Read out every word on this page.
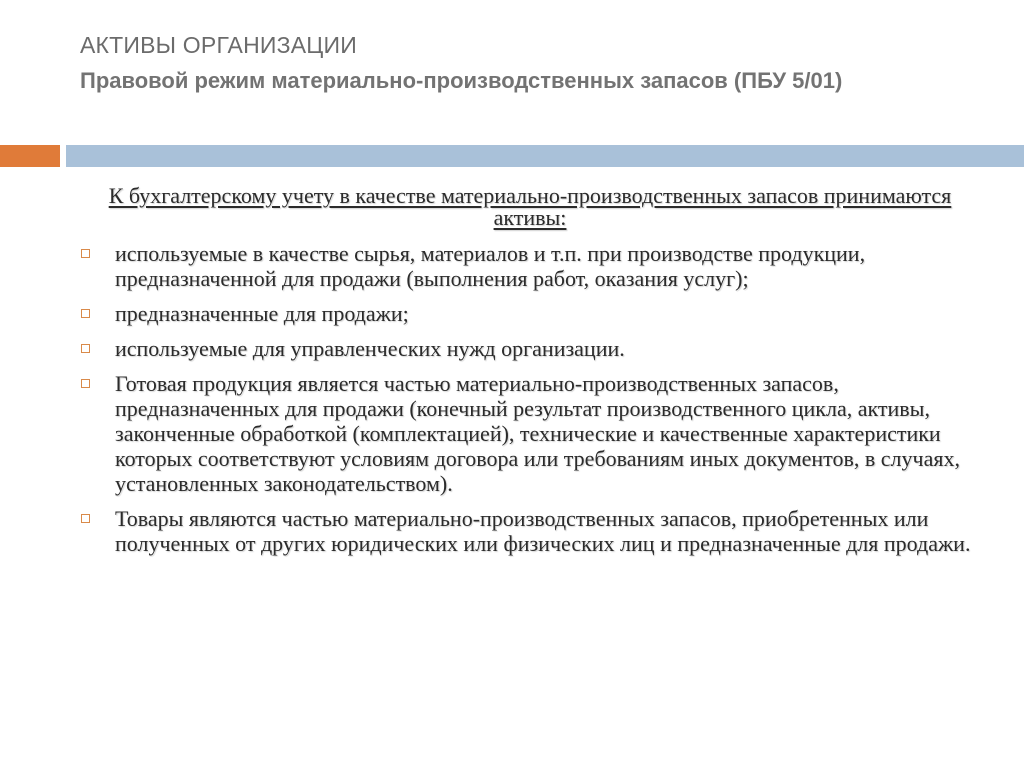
АКТИВЫ ОРГАНИЗАЦИИ
Правовой режим материально-производственных запасов (ПБУ 5/01)

К бухгалтерскому учету в качестве материально-производственных запасов принимаются активы:

используемые в качестве сырья, материалов и т.п. при производстве продукции, предназначенной для продажи (выполнения работ, оказания услуг);
предназначенные для продажи;
используемые для управленческих нужд организации.
Готовая продукция является частью материально-производственных запасов, предназначенных для продажи (конечный результат производственного цикла, активы, законченные обработкой (комплектацией), технические и качественные характеристики которых соответствуют условиям договора или требованиям иных документов, в случаях, установленных законодательством).
Товары являются частью материально-производственных запасов, приобретенных или полученных от других юридических или физических лиц и предназначенные для продажи.
